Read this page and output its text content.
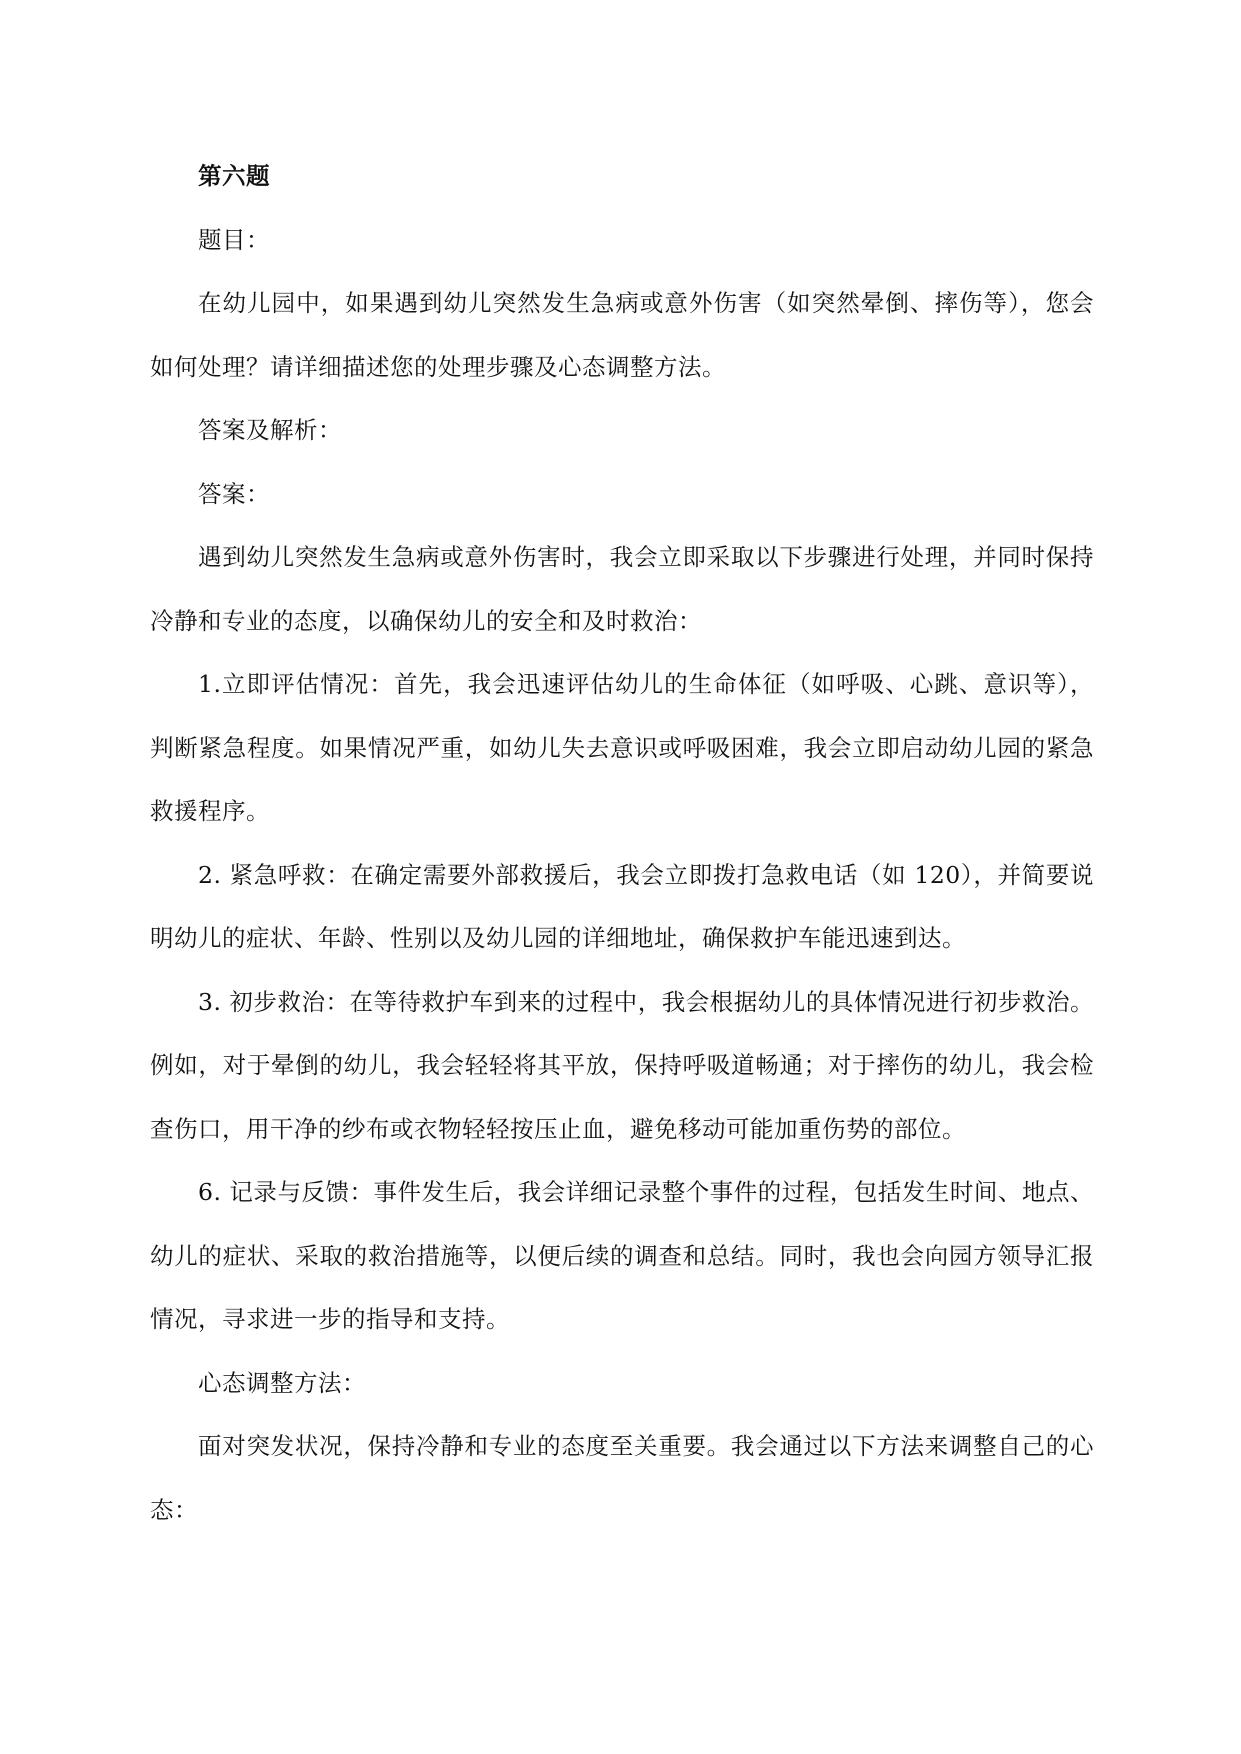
第六题

题目：

在幼儿园中，如果遇到幼儿突然发生急病或意外伤害（如突然晕倒、摔伤等），您会如何处理？请详细描述您的处理步骤及心态调整方法。

答案及解析：

答案：

遇到幼儿突然发生急病或意外伤害时，我会立即采取以下步骤进行处理，并同时保持冷静和专业的态度，以确保幼儿的安全和及时救治：

1.立即评估情况：首先，我会迅速评估幼儿的生命体征（如呼吸、心跳、意识等），判断紧急程度。如果情况严重，如幼儿失去意识或呼吸困难，我会立即启动幼儿园的紧急救援程序。

2. 紧急呼救：在确定需要外部救援后，我会立即拨打急救电话（如 120），并简要说明幼儿的症状、年龄、性别以及幼儿园的详细地址，确保救护车能迅速到达。

3. 初步救治：在等待救护车到来的过程中，我会根据幼儿的具体情况进行初步救治。例如，对于晕倒的幼儿，我会轻轻将其平放，保持呼吸道畅通；对于摔伤的幼儿，我会检查伤口，用干净的纱布或衣物轻轻按压止血，避免移动可能加重伤势的部位。

6. 记录与反馈：事件发生后，我会详细记录整个事件的过程，包括发生时间、地点、幼儿的症状、采取的救治措施等，以便后续的调查和总结。同时，我也会向园方领导汇报情况，寻求进一步的指导和支持。

心态调整方法：

面对突发状况，保持冷静和专业的态度至关重要。我会通过以下方法来调整自己的心态：
